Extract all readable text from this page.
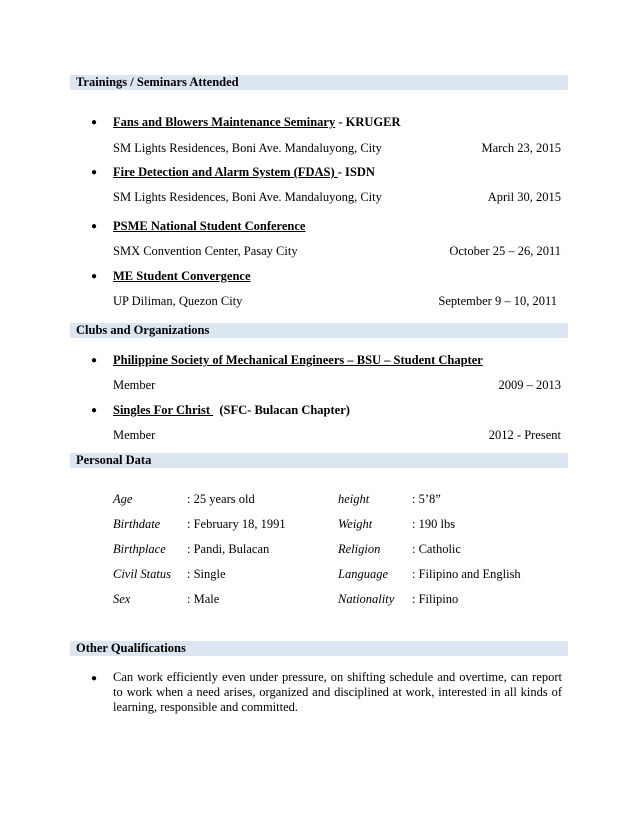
Trainings / Seminars Attended
● Fans and Blowers Maintenance Seminary - KRUGER
SM Lights Residences, Boni Ave. Mandaluyong, City	March 23, 2015
● Fire Detection and Alarm System (FDAS) - ISDN
SM Lights Residences, Boni Ave. Mandaluyong, City	April 30, 2015
● PSME National Student Conference
SMX Convention Center, Pasay City	October 25 – 26, 2011
● ME Student Convergence
UP Diliman, Quezon City	September 9 – 10, 2011
Clubs and Organizations
● Philippine Society of Mechanical Engineers – BSU – Student Chapter
Member	2009 – 2013
● Singles For Christ   (SFC- Bulacan Chapter)
Member	2012 - Present
Personal Data
Age	: 25 years old	height	: 5’8”
Birthdate : February 18, 1991	Weight	: 190 lbs
Birthplace : Pandi, Bulacan	Religion	: Catholic
Civil Status : Single	Language : Filipino and English
Sex	: Male	Nationality : Filipino
Other Qualifications
● Can work efficiently even under pressure, on shifting schedule and overtime, can report to work when a need arises, organized and disciplined at work, interested in all kinds of learning, responsible and committed.
